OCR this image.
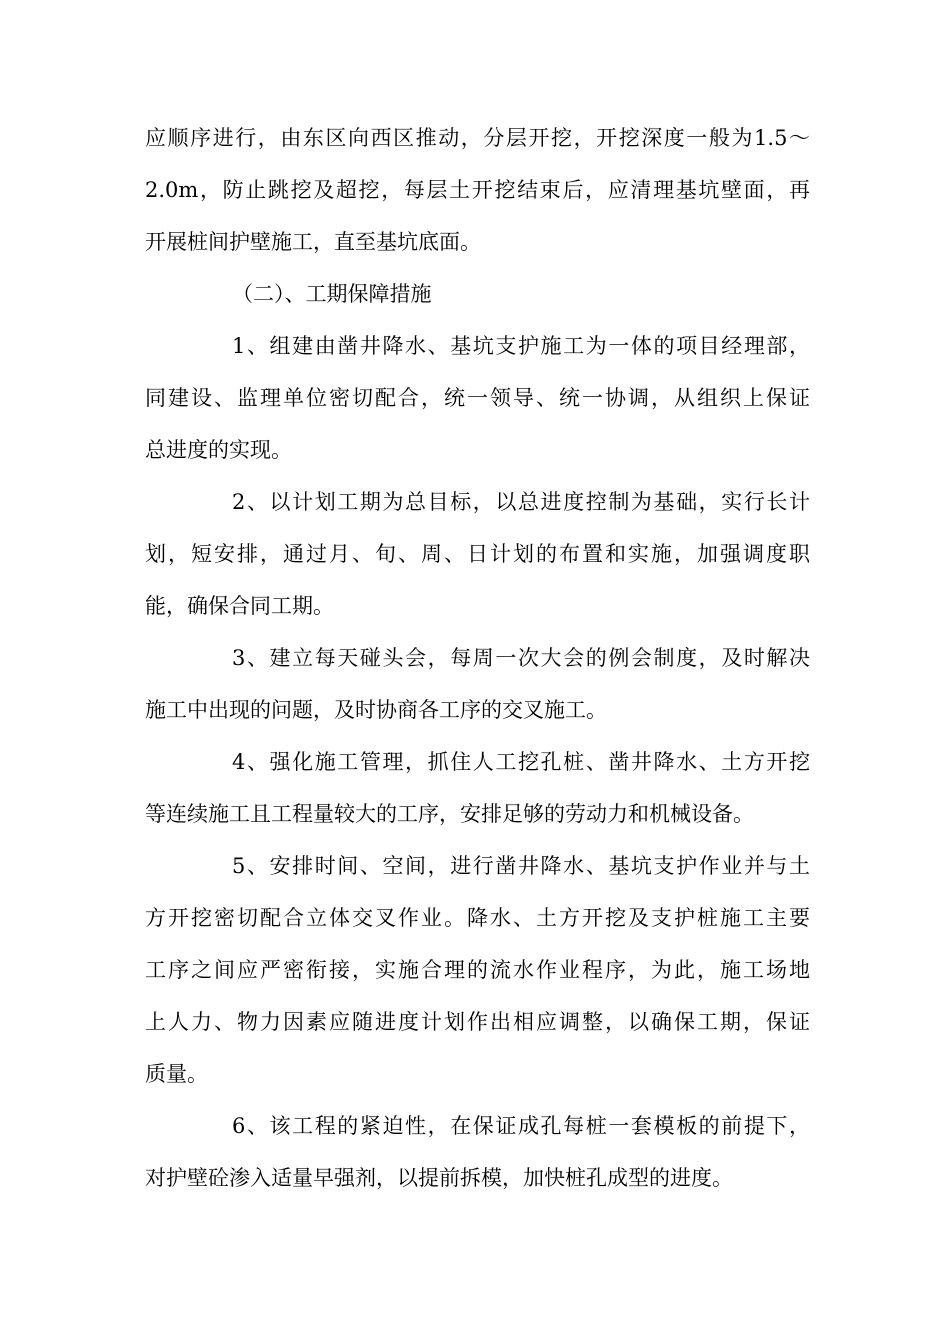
应顺序进行，由东区向西区推动，分层开挖，开挖深度一般为1.5～
2.0m，防止跳挖及超挖，每层土开挖结束后，应清理基坑壁面，再
开展桩间护壁施工，直至基坑底面。
（二）、工期保障措施
1、组建由凿井降水、基坑支护施工为一体的项目经理部，
同建设、监理单位密切配合，统一领导、统一协调，从组织上保证
总进度的实现。
2、以计划工期为总目标，以总进度控制为基础，实行长计
划，短安排，通过月、旬、周、日计划的布置和实施，加强调度职
能，确保合同工期。
3、建立每天碰头会，每周一次大会的例会制度，及时解决
施工中出现的问题，及时协商各工序的交叉施工。
4、强化施工管理，抓住人工挖孔桩、凿井降水、土方开挖
等连续施工且工程量较大的工序，安排足够的劳动力和机械设备。
5、安排时间、空间，进行凿井降水、基坑支护作业并与土
方开挖密切配合立体交叉作业。降水、土方开挖及支护桩施工主要
工序之间应严密衔接，实施合理的流水作业程序，为此，施工场地
上人力、物力因素应随进度计划作出相应调整，以确保工期，保证
质量。
6、该工程的紧迫性，在保证成孔每桩一套模板的前提下，
对护壁砼渗入适量早强剂，以提前拆模，加快桩孔成型的进度。
